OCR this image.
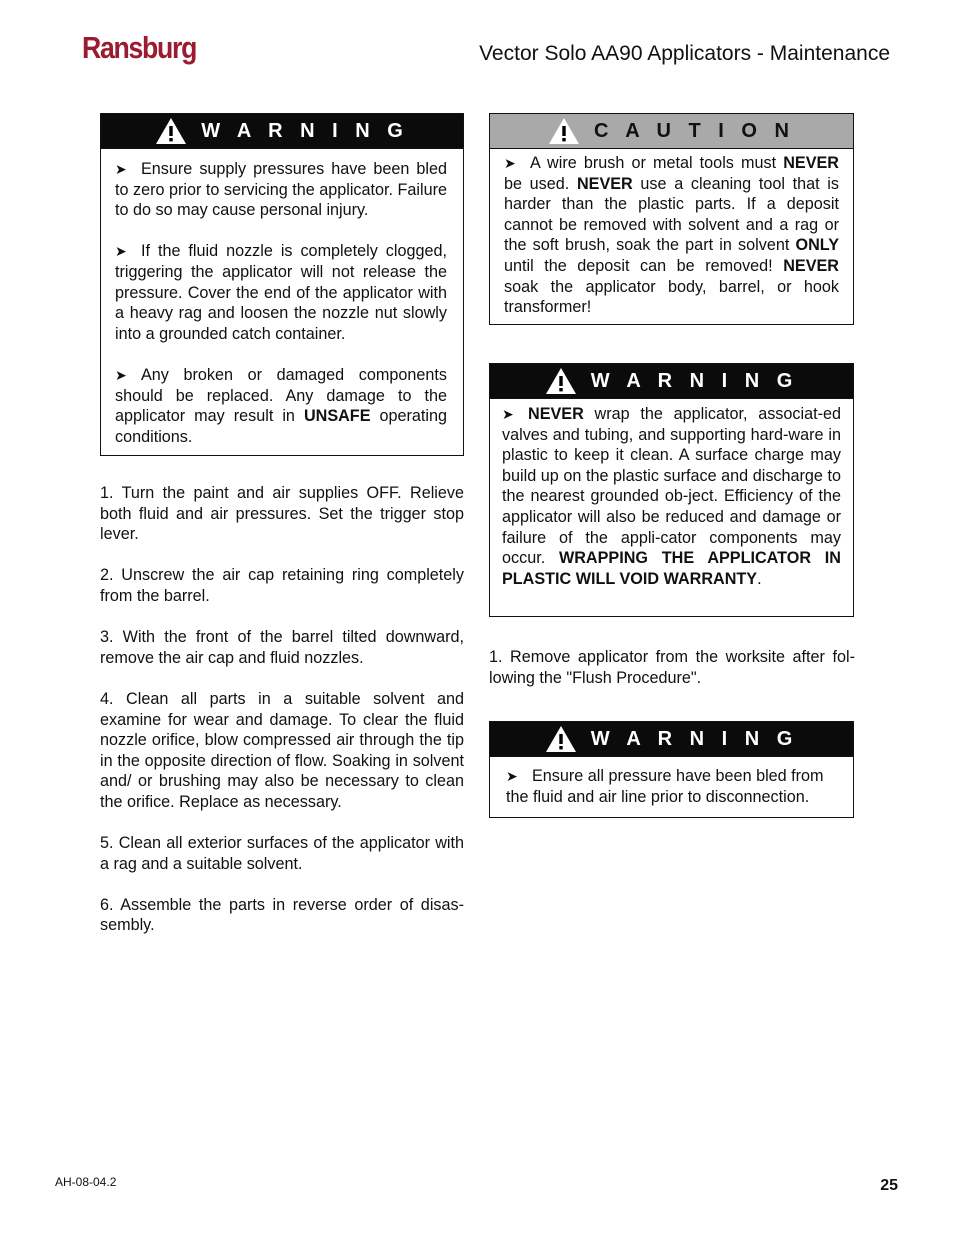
Ransburg	Vector Solo AA90 Applicators - Maintenance
W A R N I N G

➤ Ensure supply pressures have been bled to zero prior to servicing the applicator. Failure to do so may cause personal injury.

➤ If the fluid nozzle is completely clogged, triggering the applicator will not release the pressure. Cover the end of the applicator with a heavy rag and loosen the nozzle nut slowly into a grounded catch container.

➤ Any broken or damaged components should be replaced. Any damage to the applicator may result in UNSAFE operating conditions.

1. Turn the paint and air supplies OFF. Relieve both fluid and air pressures. Set the trigger stop lever.

2. Unscrew the air cap retaining ring completely from the barrel.

3. With the front of the barrel tilted downward, remove the air cap and fluid nozzles.

4. Clean all parts in a suitable solvent and examine for wear and damage. To clear the fluid nozzle orifice, blow compressed air through the tip in the opposite direction of flow. Soaking in solvent and/ or brushing may also be necessary to clean the orifice. Replace as necessary.

5. Clean all exterior surfaces of the applicator with a rag and a suitable solvent.

6. Assemble the parts in reverse order of disas-sembly.

C A U T I O N

➤ A wire brush or metal tools must NEVER be used. NEVER use a cleaning tool that is harder than the plastic parts. If a deposit cannot be removed with solvent and a rag or the soft brush, soak the part in solvent ONLY until the deposit can be removed! NEVER soak the applicator body, barrel, or hook transformer!

W A R N I N G

➤ NEVER wrap the applicator, associat-ed valves and tubing, and supporting hard-ware in plastic to keep it clean. A surface charge may build up on the plastic surface and discharge to the nearest grounded ob-ject. Efficiency of the applicator will also be reduced and damage or failure of the appli-cator components may occur. WRAPPING THE APPLICATOR IN PLASTIC WILL VOID WARRANTY.

1. Remove applicator from the worksite after fol-lowing the "Flush Procedure".

W A R N I N G

➤ Ensure all pressure have been bled from the fluid and air line prior to disconnection.

AH-08-04.2	25
